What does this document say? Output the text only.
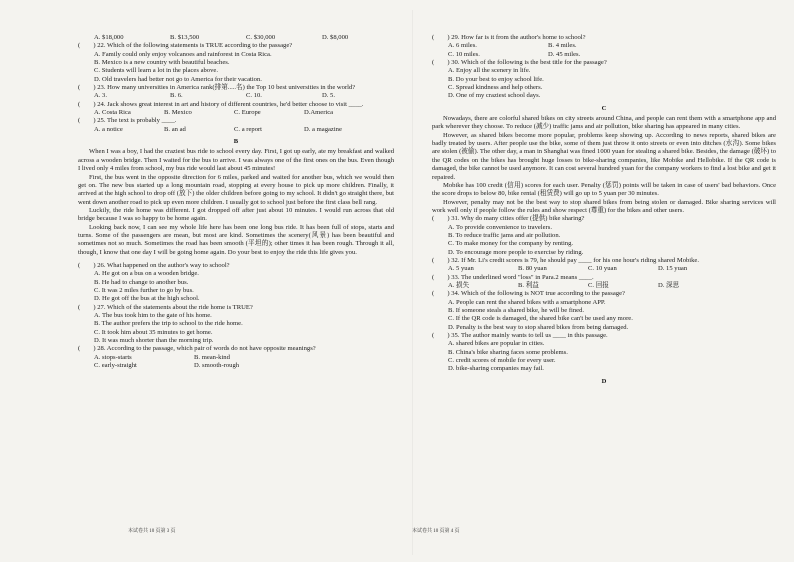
A. $18,000	B. $13,500	C. $30,000	D. $8,000

(　　) 22. Which of the following statements is TRUE according to the passage?

A. Family could only enjoy volcanoes and rainforest in Costa Rica.
B. Mexico is a new country with beautiful beaches.
C. Students will learn a lot in the places above.
D. Old travelers had better not go to America for their vacation.

(　　) 23. How many universities in America rank(排第.....名) the Top 10 best universities in the world?

A. 3.	B. 6.	C. 10.	D. 5.

(　　) 24. Jack shows great interest in art and history of different countries, he'd better choose to visit ____.

A. Costa Rica	B. Mexico	C. Europe	D.America

(　　) 25. The text is probably ____.

A. a notice	B. an ad	C. a report	D. a magazine
B

When I was a boy, I had the craziest bus ride to school every day. First, I got up early, ate my breakfast and walked across a wooden bridge. Then I waited for the bus to arrive. I was always one of the first ones on the bus. Even though I lived only 4 miles from school, my bus ride would last about 45 minutes!

First, the bus went in the opposite direction for 6 miles, parked and waited for another bus, which we would then get on. The new bus started up a long mountain road, stopping at every house to pick up more children. Finally, it arrived at the high school to drop off (放下) the older children before going to my school. It didn't go straight there, but went down another road to pick up even more children. I usually got to school just before the first class bell rang.

Luckily, the ride home was different. I got dropped off after just about 10 minutes. I would run across that old bridge because I was so happy to be home again.

Looking back now, I can see my whole life here has been one long bus ride. It has been full of stops, starts and turns. Some of the passengers are mean, but most are kind. Sometimes the scenery(风景) has been beautiful and sometimes not so much. Sometimes the road has been smooth (平坦的); other times it has been rough. Through it all, though, I know that one day I will be going home again. Do your best to enjoy the ride this life gives you.

(　　) 26. What happened on the author's way to school?

A. He got on a bus on a wooden bridge.
B. He had to change to another bus.
C. It was 2 miles further to go by bus.
D. He got off the bus at the high school.

(　　) 27. Which of the statements about the ride home is TRUE?

A. The bus took him to the gate of his home.
B. The author prefers the trip to school to the ride home.
C. It took him about 35 minutes to get home.
D. It was much shorter than the morning trip.

(　　) 28. According to the passage, which pair of words do not have opposite meanings?

A. stops-starts	B. mean-kind
C. early-straight	D. smooth-rough
本试卷共 10 页第 3 页

(　　) 29. How far is it from the author's home to school?

A. 6 miles.	B. 4 miles.
C. 10 miles.	D. 45 miles.

(　　) 30. Which of the following is the best title for the passage?

A. Enjoy all the scenery in life.
B. Do your best to enjoy school life.
C. Spread kindness and help others.
D. One of my craziest school days.
C

Nowadays, there are colorful shared bikes on city streets around China, and people can rent them with a smartphone app and park wherever they choose. To reduce (减少) traffic jams and air pollution, bike sharing has appeared in many cities.

However, as shared bikes become more popular, problems keep showing up. According to news reports, shared bikes are badly treated by users. After people use the bike, some of them just throw it onto streets or even into ditches (水沟). Some bikes are stolen (被偷). The other day, a man in Shanghai was fined 1000 yuan for stealing a shared bike. Besides, the damage (破坏) to the QR codes on the bikes has brought huge losses to bike-sharing companies, like Mobike and Hellobike. If the QR code is damaged, the bike cannot be used anymore. It can cost several hundred yuan for the company workers to find a lost bike and get it repaired.

Mobike has 100 credit (信用) scores for each user. Penalty (惩罚) points will be taken in case of users' bad behaviors. Once the score drops to below 80, bike rental (租赁费) will go up to 5 yuan per 30 minutes.

However, penalty may not be the best way to stop shared bikes from being stolen or damaged. Bike sharing services will work well only if people follow the rules and show respect (尊重) for the bikes and other users.

(　　) 31. Why do many cities offer (提供) bike sharing?

A. To provide convenience to travelers.
B. To reduce traffic jams and air pollution.
C. To make money for the company by renting.
D. To encourage more people to exercise by riding.

(　　) 32. If Mr. Li's credit scores is 79, he should pay ____ for his one hour's riding shared Mobike.

A. 5 yuan	B. 80 yuan	C. 10 yuan	D. 15 yuan

(　　) 33. The underlined word "loss" in Para.2 means ____.

A. 损失	B. 利益	C. 回报	D. 深思

(　　) 34. Which of the following is NOT true according to the passage?

A. People can rent the shared bikes with a smartphone APP.
B. If someone steals a shared bike, he will be fined.
C. If the QR code is damaged, the shared bike can't be used any more.
D. Penalty is the best way to stop shared bikes from being damaged.

(　　) 35. The author mainly wants to tell us ____ in this passage.

A. shared bikes are popular in cities.
B. China's bike sharing faces some problems.
C. credit scores of mobile for every user.
D. bike-sharing companies may fail.
D
本试卷共 10 页第 4 页
